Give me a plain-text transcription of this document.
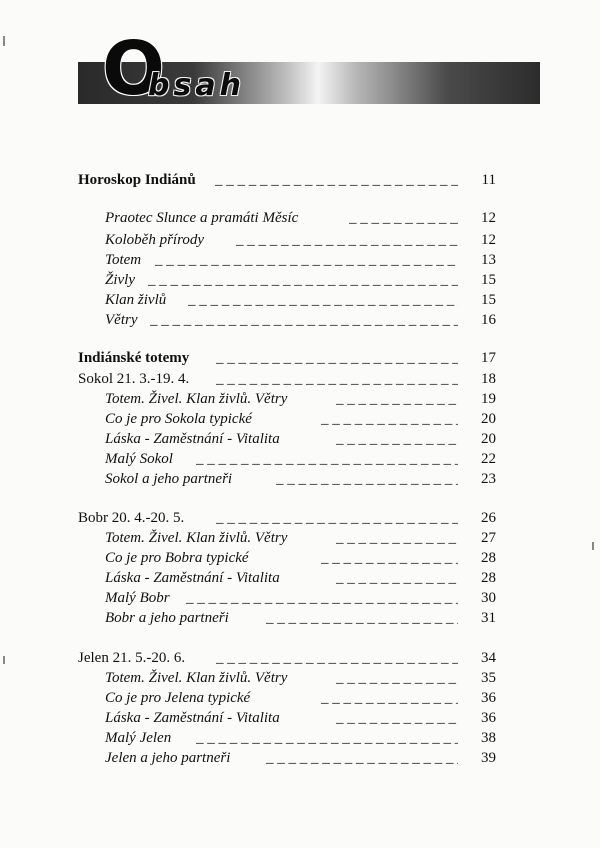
O
bsah
Horoskop Indiánů _ _ _	11
Praotec Slunce a pramáti Měsíc _ _ _	12
Koloběh přírody _ _ _	12
Totem _ _ _	13
Živly _ _ _	15
Klan živlů _ _ _	15
Větry _ _ _	16
Indiánské totemy _ _ _	17
Sokol 21. 3.-19. 4. _ _ _	18
Totem. Živel. Klan živlů. Větry _ _ _	19
Co je pro Sokola typické _ _ _	20
Láska - Zaměstnání - Vitalita _ _ _	20
Malý Sokol _ _ _	22
Sokol a jeho partneři _ _ _	23
Bobr 20. 4.-20. 5. _ _ _	26
Totem. Živel. Klan živlů. Větry _ _ _	27
Co je pro Bobra typické _ _ _	28
Láska - Zaměstnání - Vitalita _ _ _	28
Malý Bobr _ _ _	30
Bobr a jeho partneři _ _ _	31
Jelen 21. 5.-20. 6. _ _ _	34
Totem. Živel. Klan živlů. Větry _ _ _	35
Co je pro Jelena typické _ _ _	36
Láska - Zaměstnání - Vitalita _ _ _	36
Malý Jelen _ _ _	38
Jelen a jeho partneři _ _ _	39
